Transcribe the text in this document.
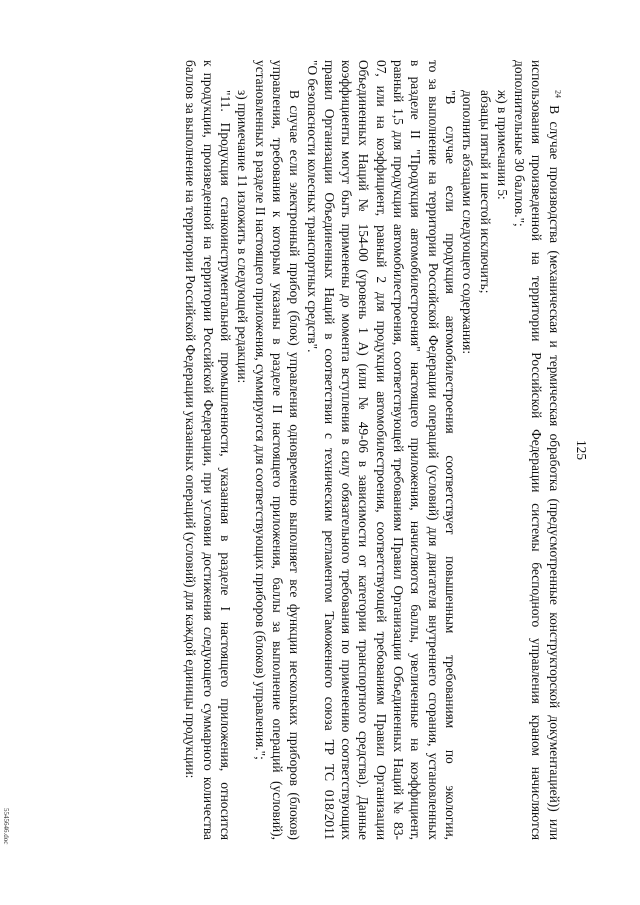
125
$^{24}$ В случае производства (механическая и термическая обработка (предусмотренные конструкторской документацией)) или
использования произведенной на территории Российской Федерации системы бесподного управления краном начисляются
дополнительные 30 баллов.";
ж) в примечании 5:
абзацы пятый и шестой исключить;
дополнить абзацами следующего содержания:
"В случае если продукция автомобилестроения соответствует повышенным требованиям по экологии,
то за выполнение на территории Российской Федерации операций (условий) для двигателя внутреннего сгорания, установленных
в разделе II "Продукция автомобилестроения" настоящего приложения, начисляются баллы, увеличенные на коэффициент,
равный 1,5 для продукции автомобилестроения, соответствующей требованиям Правил Организации Объединенных Наций № 83-
07, или на коэффициент, равный 2 для продукции автомобилестроения, соответствующей требованиям Правил Организации
Объединенных Наций № 154-00 (уровень 1 А) (или № 49-06 в зависимости от категории транспортного средства). Данные
коэффициенты могут быть применены до момента вступления в силу обязательного требования по применению соответствующих
правил Организации Объединенных Наций в соответствии с техническим регламентом Таможенного союза ТР ТС 018/2011
"О безопасности колесных транспортных средств".
В случае если электронный прибор (блок) управления одновременно выполняет все функции нескольких приборов (блоков)
управления, требования к которым указаны в разделе II настоящего приложения, баллы за выполнение операций (условий),
установленных в разделе II настоящего приложения, суммируются для соответствующих приборов (блоков) управления.";
з) примечание 11 изложить в следующей редакции:
"11. Продукция станкоинструментальной промышленности, указанная в разделе I настоящего приложения, относится
к продукции, произведенной на территории Российской Федерации, при условии достижения следующего суммарного количества
баллов за выполнение на территории Российской Федерации указанных операций (условий) для каждой единицы продукции:
5545646.doc
